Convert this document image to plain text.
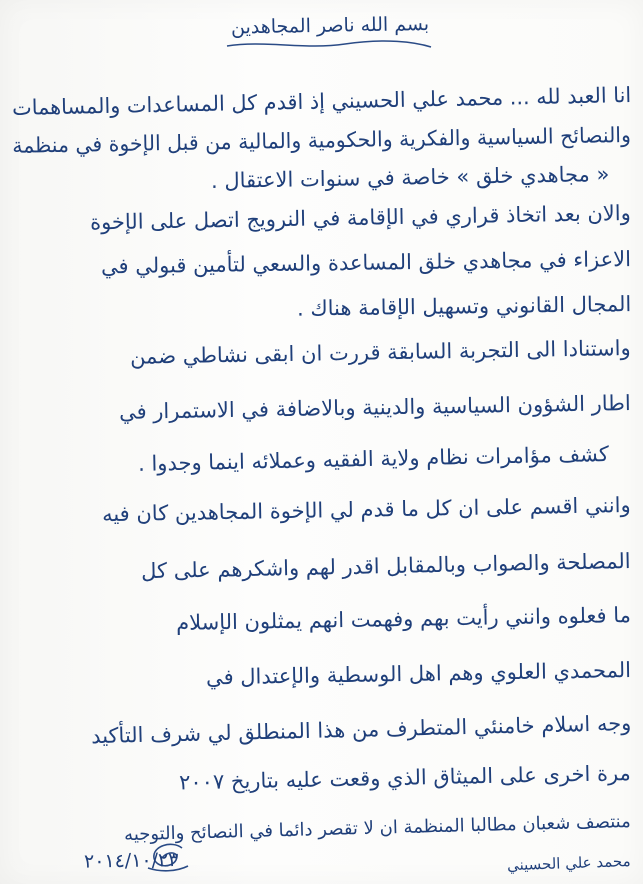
بسم الله ناصر المجاهدين
انا العبد لله ... محمد علي الحسيني إذ اقدم كل المساعدات والمساهمات
والنصائح السياسية والفكرية والحكومية والمالية من قبل الإخوة في منظمة
« مجاهدي خلق » خاصة في سنوات الاعتقال .
والان بعد اتخاذ قراري في الإقامة في النرويج اتصل على الإخوة
الاعزاء في مجاهدي خلق المساعدة والسعي لتأمين قبولي في
المجال القانوني وتسهيل الإقامة هناك .
واستنادا الى التجربة السابقة قررت ان ابقى نشاطي ضمن
اطار الشؤون السياسية والدينية وبالاضافة في الاستمرار في
كشف مؤامرات نظام ولاية الفقيه وعملائه اينما وجدوا .
وانني اقسم على ان كل ما قدم لي الإخوة المجاهدين كان فيه
المصلحة والصواب وبالمقابل اقدر لهم واشكرهم على كل
ما فعلوه وانني رأيت بهم وفهمت انهم يمثلون الإسلام
المحمدي العلوي وهم اهل الوسطية والإعتدال في
وجه اسلام خامنئي المتطرف من هذا المنطلق لي شرف التأكيد
مرة اخرى على الميثاق الذي وقعت عليه بتاريخ ٢٠٠٧
منتصف شعبان مطالبا المنظمة ان لا تقصر دائما في النصائح والتوجيه
محمد علي الحسيني
٢٠١٤/١٠/٢٣
